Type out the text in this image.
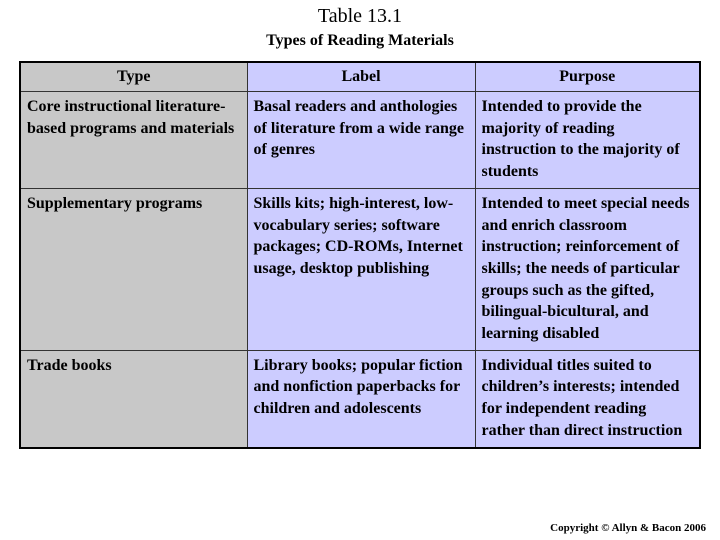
Table 13.1
Types of Reading Materials
Type	Label	Purpose
Core instructional literature-based programs and materials	Basal readers and anthologies of literature from a wide range of genres	Intended to provide the majority of reading instruction to the majority of students
Supplementary programs	Skills kits; high-interest, low-vocabulary series; software packages; CD-ROMs, Internet usage, desktop publishing	Intended to meet special needs and enrich classroom instruction; reinforcement of skills; the needs of particular groups such as the gifted, bilingual-bicultural, and learning disabled
Trade books	Library books; popular fiction and nonfiction paperbacks for children and adolescents	Individual titles suited to children’s interests; intended for independent reading rather than direct instruction
Copyright © Allyn & Bacon 2006
